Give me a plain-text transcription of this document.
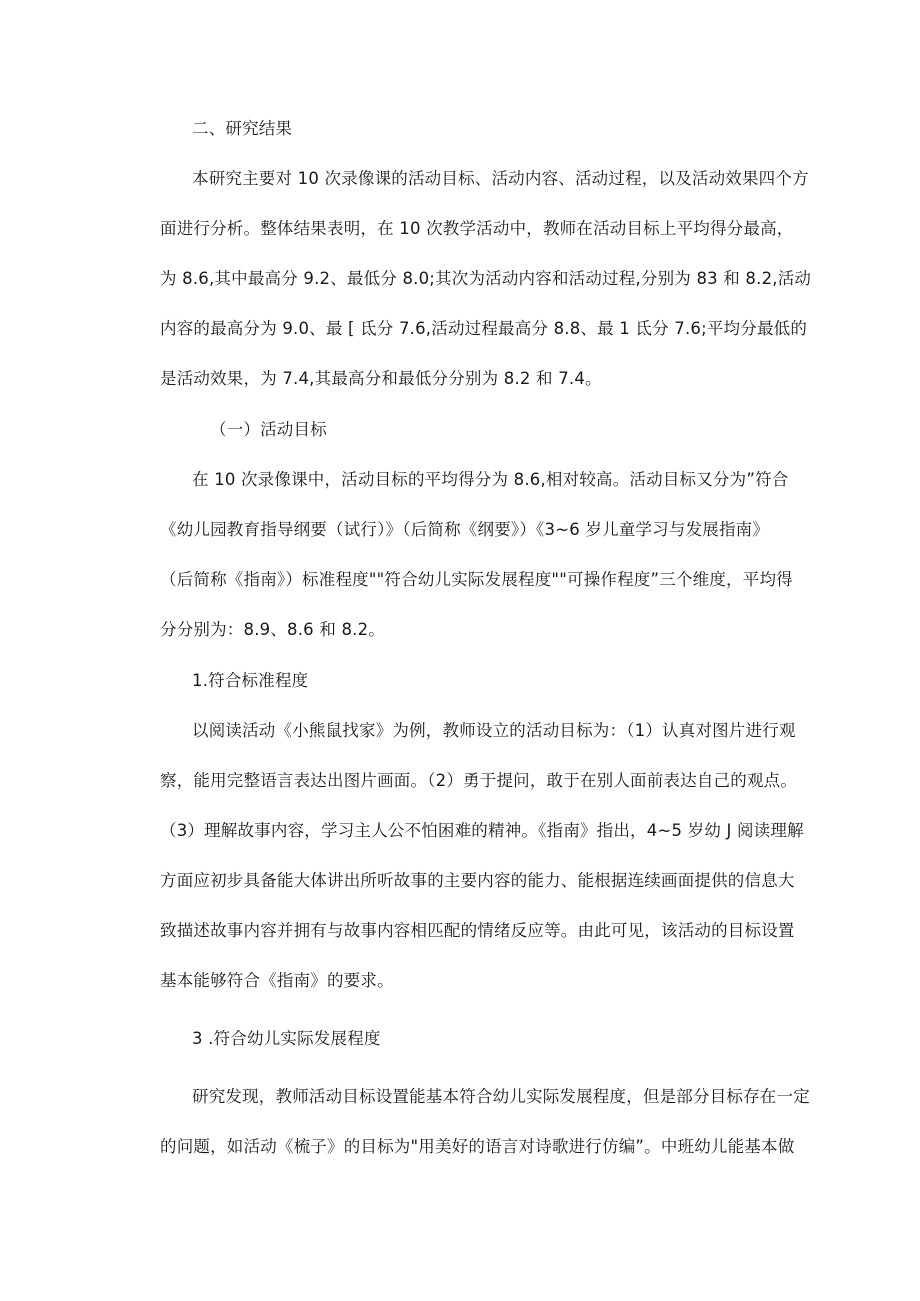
二、研究结果
本研究主要对 10 次录像课的活动目标、活动内容、活动过程，以及活动效果四个方
面进行分析。整体结果表明，在 10 次教学活动中，教师在活动目标上平均得分最高，
为 8.6,其中最高分 9.2、最低分 8.0;其次为活动内容和活动过程,分别为 83 和 8.2,活动
内容的最高分为 9.0、最 [ 氐分 7.6,活动过程最高分 8.8、最 1 氐分 7.6;平均分最低的
是活动效果，为 7.4,其最高分和最低分分别为 8.2 和 7.4。
（一）活动目标
在 10 次录像课中，活动目标的平均得分为 8.6,相对较高。活动目标又分为”符合
《幼儿园教育指导纲要（试行）》（后简称《纲要》）《3~6 岁儿童学习与发展指南》
（后简称《指南》）标准程度""符合幼儿实际发展程度""可操作程度”三个维度，平均得
分分别为：8.9、8.6 和 8.2。
1.符合标准程度
以阅读活动《小熊鼠找家》为例，教师设立的活动目标为：（1）认真对图片进行观
察，能用完整语言表达出图片画面。（2）勇于提问，敢于在别人面前表达自己的观点。
（3）理解故事内容，学习主人公不怕困难的精神。《指南》指出，4~5 岁幼 J 阅读理解
方面应初步具备能大体讲出所听故事的主要内容的能力、能根据连续画面提供的信息大
致描述故事内容并拥有与故事内容相匹配的情绪反应等。由此可见，该活动的目标设置
基本能够符合《指南》的要求。
3 .符合幼儿实际发展程度
研究发现，教师活动目标设置能基本符合幼儿实际发展程度，但是部分目标存在一定
的问题，如活动《梳子》的目标为"用美好的语言对诗歌进行仿编”。中班幼儿能基本做
